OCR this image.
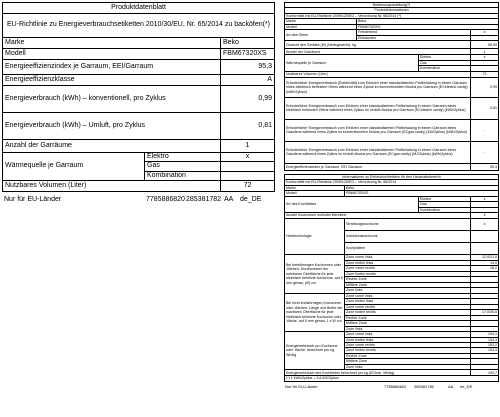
Produktdatenblatt	
EU-Richtlinie zu Energieverbrauchsetiketten 2010/30/EU, Nr. 65/2014 zu backöfen(*)	
Marke	Beko
Modell	FBM67320XS
Energieeffizienzindex je Garraum, EEI/Garraum	95,3
Energieeffizienzklasse	A
Energieverbrauch (kWh) – konventionell, pro Zyklus	0,99
Energieverbrauch (kWh) – Umluft, pro Zyklus	0,81
Anzahl der Garräume	1
Wärmequelle je Garraum	Elektro	x
	Gas	
	Kombination	
Nutzbares Volumen (Liter)		72
Nur für EU-Länder	7785886820 285381782 AA de_DE
Bedienungsanleitung(*)			
Produktinformationen			
Konformität mit EU-Richtlinie 2009/125/EG – Verordnung Nr. 66/2014 (*)			
Marke	Beko		
Modell	FBM67320XS		
Art des Ofens	Freistehend		x
	Einbauofen		
Gewicht des Gerätes (M) (Nettogewicht), kg			55,90
Anzahl der Garräume			1
Wärmequelle je Garraum		Elektro	x
		Gas	
		Kombination	
Nutzbares Volumen (Liter)			72
Erforderlicher Energieverbrauch (Elektrizität) zum Erhitzen einer standardisierten Prüfbeladung in einem Garraum eines elektrisch beheizten Ofens während eines Zyklus im konventionellen Modus pro Garraum (ECelectric cavity) (kWh/Zyklus)			0,99
Erforderlicher Energieverbrauch zum Erhitzen einer standardisierten Prüfbeladung in einem Garraum eines elektrisch beheizten Ofens während eines Zyklus im Umluft-Modus pro Garraum (ECelectric cavity) (kWh/Zyklus)			0,81
Erforderlicher Energieverbrauch zum Erhitzen einer standardisierten Prüfbeladung in einem Garraum eines Gasofens während eines Zyklus im konventionellen Modus pro Garraum (ECgas cavity) (MJ/Zyklus) (kWh/Zyklus)			-
Erforderlicher Energieverbrauch zum Erhitzen einer standardisierten Prüfbeladung in einem Garraum eines Gasofens während eines Zyklus im Umluft-Modus pro Garraum (ECgas cavity) (MJ/Zyklus) (kWh/Zyklus)			-
Energieeffizienzindex je Garraum, EEI Garraum			95,3
Informationen zu Elektrokochfeldern für den Haushaltsbereich			
Konformität mit EU-Richtlinie 2009/125/EG – Verordnung Nr. 66/2014			
Marke	Beko		
Modell	FBM67320XS		
Art des Kochfeldes		Elektro	x
		Gas	
		Kombination	
Anzahl Kochzonen und/oder Bereiche			4
Heiztechnologie	Strahlungskochzone		x
	Induktionskochzone		
	Kochplatten		
Bei kreisförmigen Kochzonen oder -flächen: Durchmesser der nutzbaren Oberfläche für jede elektrisch beheizte Kochzone, auf 5 mm genau, (Ø) cm	Zone vorne links		12,0/21,0
	Zone hinten links		14,0
	Zone vorne rechts		16,0
	Zone hinten rechts		
	Rechte Zone		
	Mittlere Zone		
	Zone links		
Bei nicht kreisförmigen Kochzonen oder -flächen: Länge und Breite der nutzbaren Oberfläche für jede elektrisch beheizte Kochzone oder -fläche, auf 5 mm genau, L x W cm	Zone vorne links		
	Zone hinten links		
	Zone vorne rechts		
	Zone hinten rechts		17,0/26,5
	Rechte Zone		
	Mittlere Zone		
	Zone links		
Energieverbrauch pro Kochzone oder -fläche, berechnet pro kg, Wh/kg	Zone vorne links		194,3
	Zone hinten links		194,3
	Zone vorne rechts		192,2
	Zone hinten rechts		194,3
	Rechte Zone		
	Mittlere Zone		
	Zone links		
Energieverbrauch des Kochfeldes berechnet pro kg (EChob, Wh/kg)			193,7
(*) 1 kWh/Zyklus = 3,6 MJ/Zyklus			
Nur für EU-Länder	7785886820 285381782	AA de_DE
